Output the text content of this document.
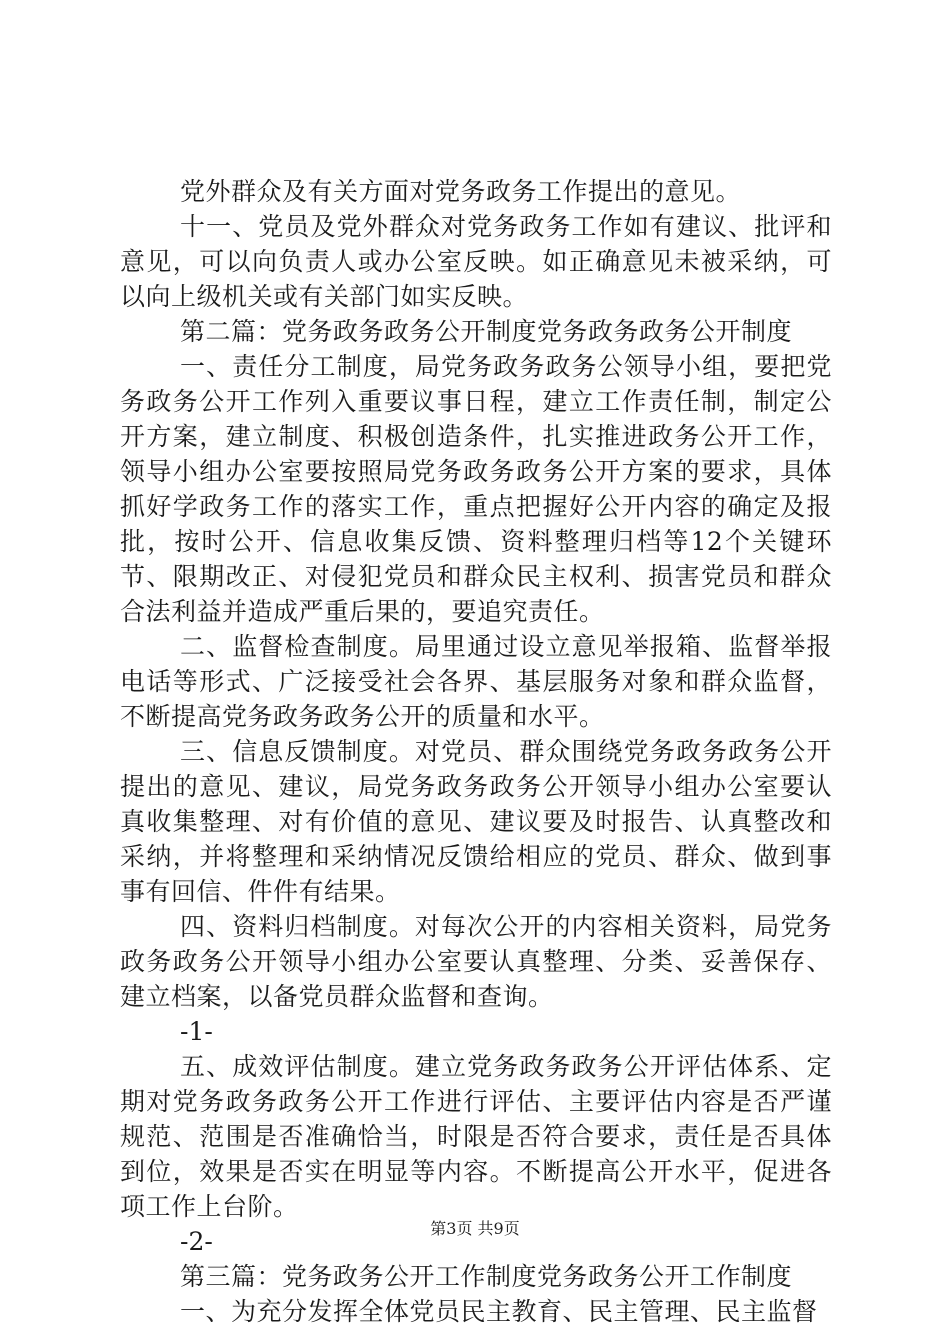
党外群众及有关方面对党务政务工作提出的意见。

十一、党员及党外群众对党务政务工作如有建议、批评和意见，可以向负责人或办公室反映。如正确意见未被采纳，可以向上级机关或有关部门如实反映。

第二篇：党务政务政务公开制度党务政务政务公开制度

一、责任分工制度，局党务政务政务公领导小组，要把党务政务公开工作列入重要议事日程，建立工作责任制，制定公开方案，建立制度、积极创造条件，扎实推进政务公开工作，领导小组办公室要按照局党务政务政务公开方案的要求，具体抓好学政务工作的落实工作，重点把握好公开内容的确定及报批，按时公开、信息收集反馈、资料整理归档等12个关键环节、限期改正、对侵犯党员和群众民主权利、损害党员和群众合法利益并造成严重后果的，要追究责任。

二、监督检查制度。局里通过设立意见举报箱、监督举报电话等形式、广泛接受社会各界、基层服务对象和群众监督，不断提高党务政务政务公开的质量和水平。

三、信息反馈制度。对党员、群众围绕党务政务政务公开提出的意见、建议，局党务政务政务公开领导小组办公室要认真收集整理、对有价值的意见、建议要及时报告、认真整改和采纳，并将整理和采纳情况反馈给相应的党员、群众、做到事事有回信、件件有结果。

四、资料归档制度。对每次公开的内容相关资料，局党务政务政务公开领导小组办公室要认真整理、分类、妥善保存、建立档案，以备党员群众监督和查询。

-1-

五、成效评估制度。建立党务政务政务公开评估体系、定期对党务政务政务公开工作进行评估、主要评估内容是否严谨规范、范围是否准确恰当，时限是否符合要求，责任是否具体到位，效果是否实在明显等内容。不断提高公开水平，促进各项工作上台阶。

-2-

第三篇：党务政务公开工作制度党务政务公开工作制度

一、为充分发挥全体党员民主教育、民主管理、民主监督

第3页 共9页
